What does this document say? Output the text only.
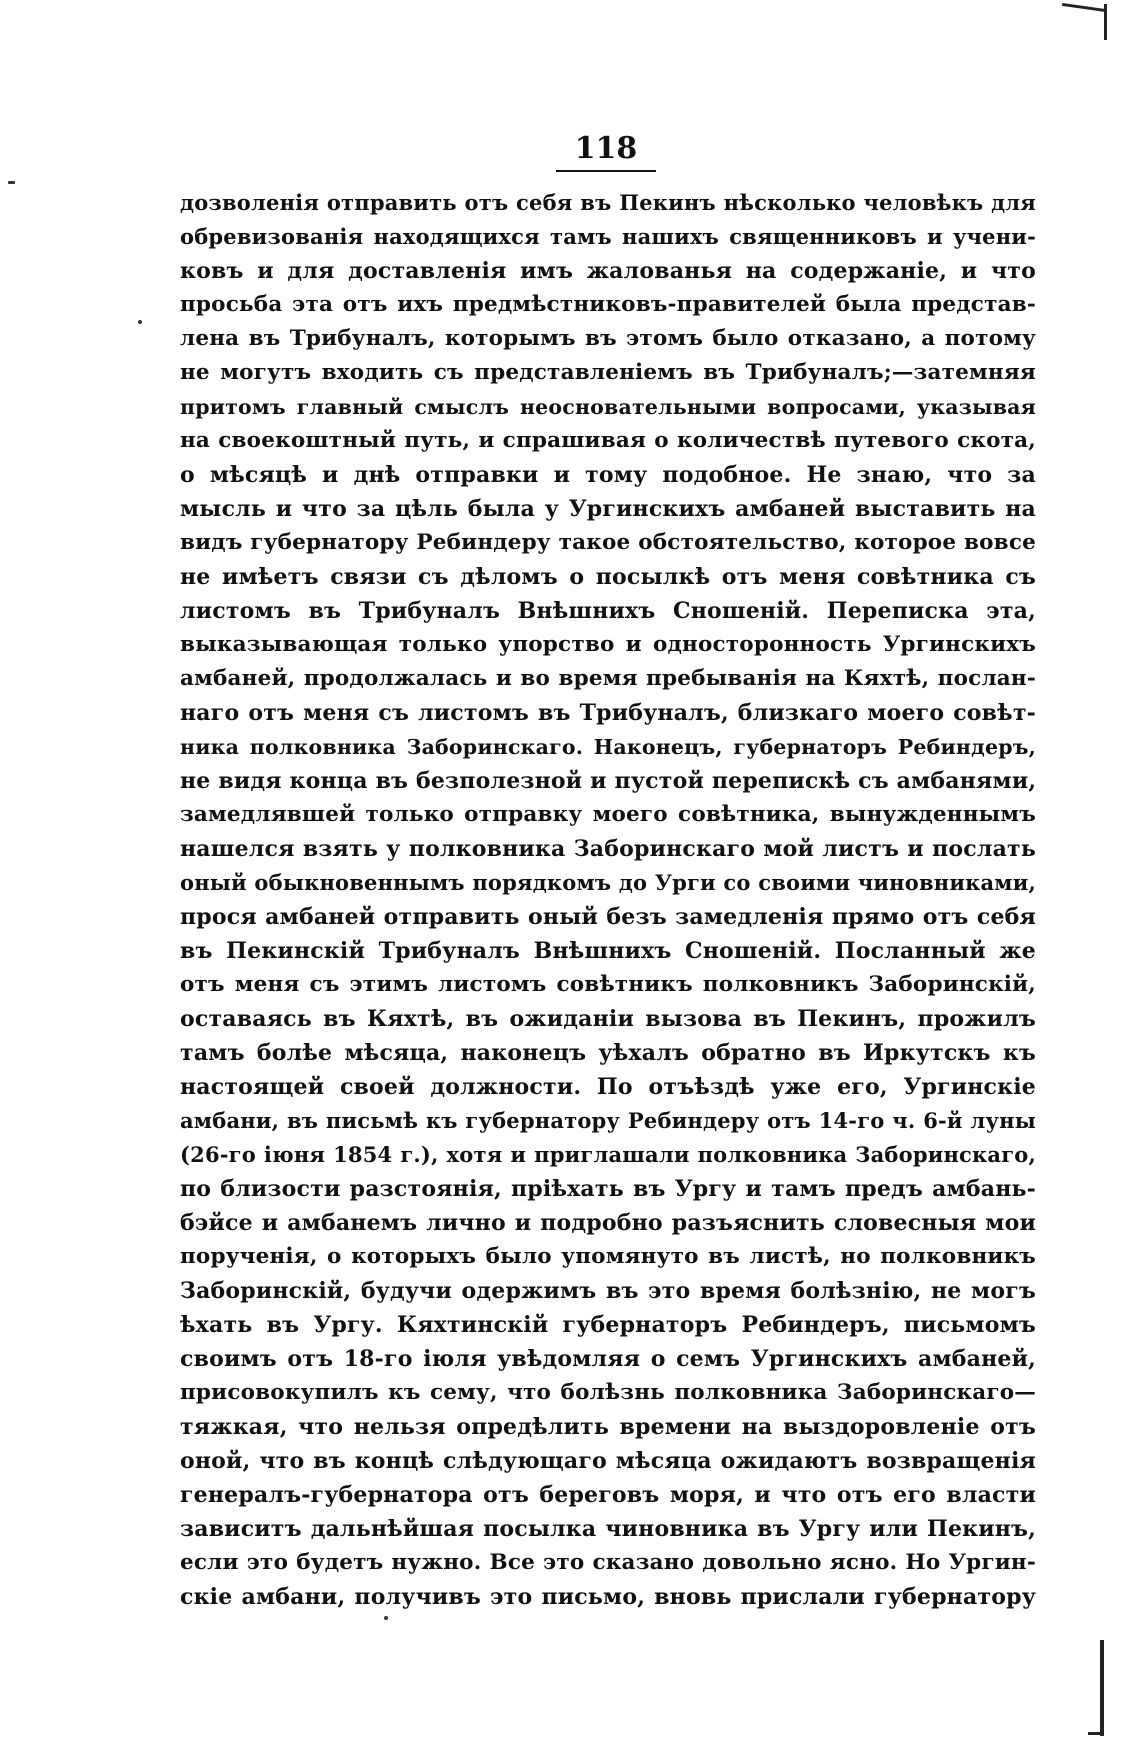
118
дозволенія отправить отъ себя въ Пекинъ нѣсколько человѣкъ для
обревизованія находящихся тамъ нашихъ священниковъ и учени-
ковъ и для доставленія имъ жалованья на содержаніе, и что
просьба эта отъ ихъ предмѣстниковъ-правителей была представ-
лена въ Трибуналъ, которымъ въ этомъ было отказано, а потому
не могутъ входить съ представленіемъ въ Трибуналъ;—затемняя
притомъ главный смыслъ неосновательными вопросами, указывая
на своекоштный путь, и спрашивая о количествѣ путевого скота,
о мѣсяцѣ и днѣ отправки и тому подобное. Не знаю, что за
мысль и что за цѣль была у Ургинскихъ амбаней выставить на
видъ губернатору Ребиндеру такое обстоятельство, которое вовсе
не имѣетъ связи съ дѣломъ о посылкѣ отъ меня совѣтника съ
листомъ въ Трибуналъ Внѣшнихъ Сношеній. Переписка эта,
выказывающая только упорство и односторонность Ургинскихъ
амбаней, продолжалась и во время пребыванія на Кяхтѣ, послан-
наго отъ меня съ листомъ въ Трибуналъ, близкаго моего совѣт-
ника полковника Заборинскаго. Наконецъ, губернаторъ Ребиндеръ,
не видя конца въ безполезной и пустой перепискѣ съ амбанями,
замедлявшей только отправку моего совѣтника, вынужденнымъ
нашелся взять у полковника Заборинскаго мой листъ и послать
оный обыкновеннымъ порядкомъ до Урги со своими чиновниками,
прося амбаней отправить оный безъ замедленія прямо отъ себя
въ Пекинскій Трибуналъ Внѣшнихъ Сношеній. Посланный же
отъ меня съ этимъ листомъ совѣтникъ полковникъ Заборинскій,
оставаясь въ Кяхтѣ, въ ожиданіи вызова въ Пекинъ, прожилъ
тамъ болѣе мѣсяца, наконецъ уѣхалъ обратно въ Иркутскъ къ
настоящей своей должности. По отъѣздѣ уже его, Ургинскіе
амбани, въ письмѣ къ губернатору Ребиндеру отъ 14-го ч. 6-й луны
(26-го іюня 1854 г.), хотя и приглашали полковника Заборинскаго,
по близости разстоянія, пріѣхать въ Ургу и тамъ предъ амбань-
бэйсе и амбанемъ лично и подробно разъяснить словесныя мои
порученія, о которыхъ было упомянуто въ листѣ, но полковникъ
Заборинскій, будучи одержимъ въ это время болѣзнію, не могъ
ѣхать въ Ургу. Кяхтинскій губернаторъ Ребиндеръ, письмомъ
своимъ отъ 18-го іюля увѣдомляя о семъ Ургинскихъ амбаней,
присовокупилъ къ сему, что болѣзнь полковника Заборинскаго—
тяжкая, что нельзя опредѣлить времени на выздоровленіе отъ
оной, что въ концѣ слѣдующаго мѣсяца ожидаютъ возвращенія
генералъ-губернатора отъ береговъ моря, и что отъ его власти
зависитъ дальнѣйшая посылка чиновника въ Ургу или Пекинъ,
если это будетъ нужно. Все это сказано довольно ясно. Но Ургин-
скіе амбани, получивъ это письмо, вновь прислали губернатору
